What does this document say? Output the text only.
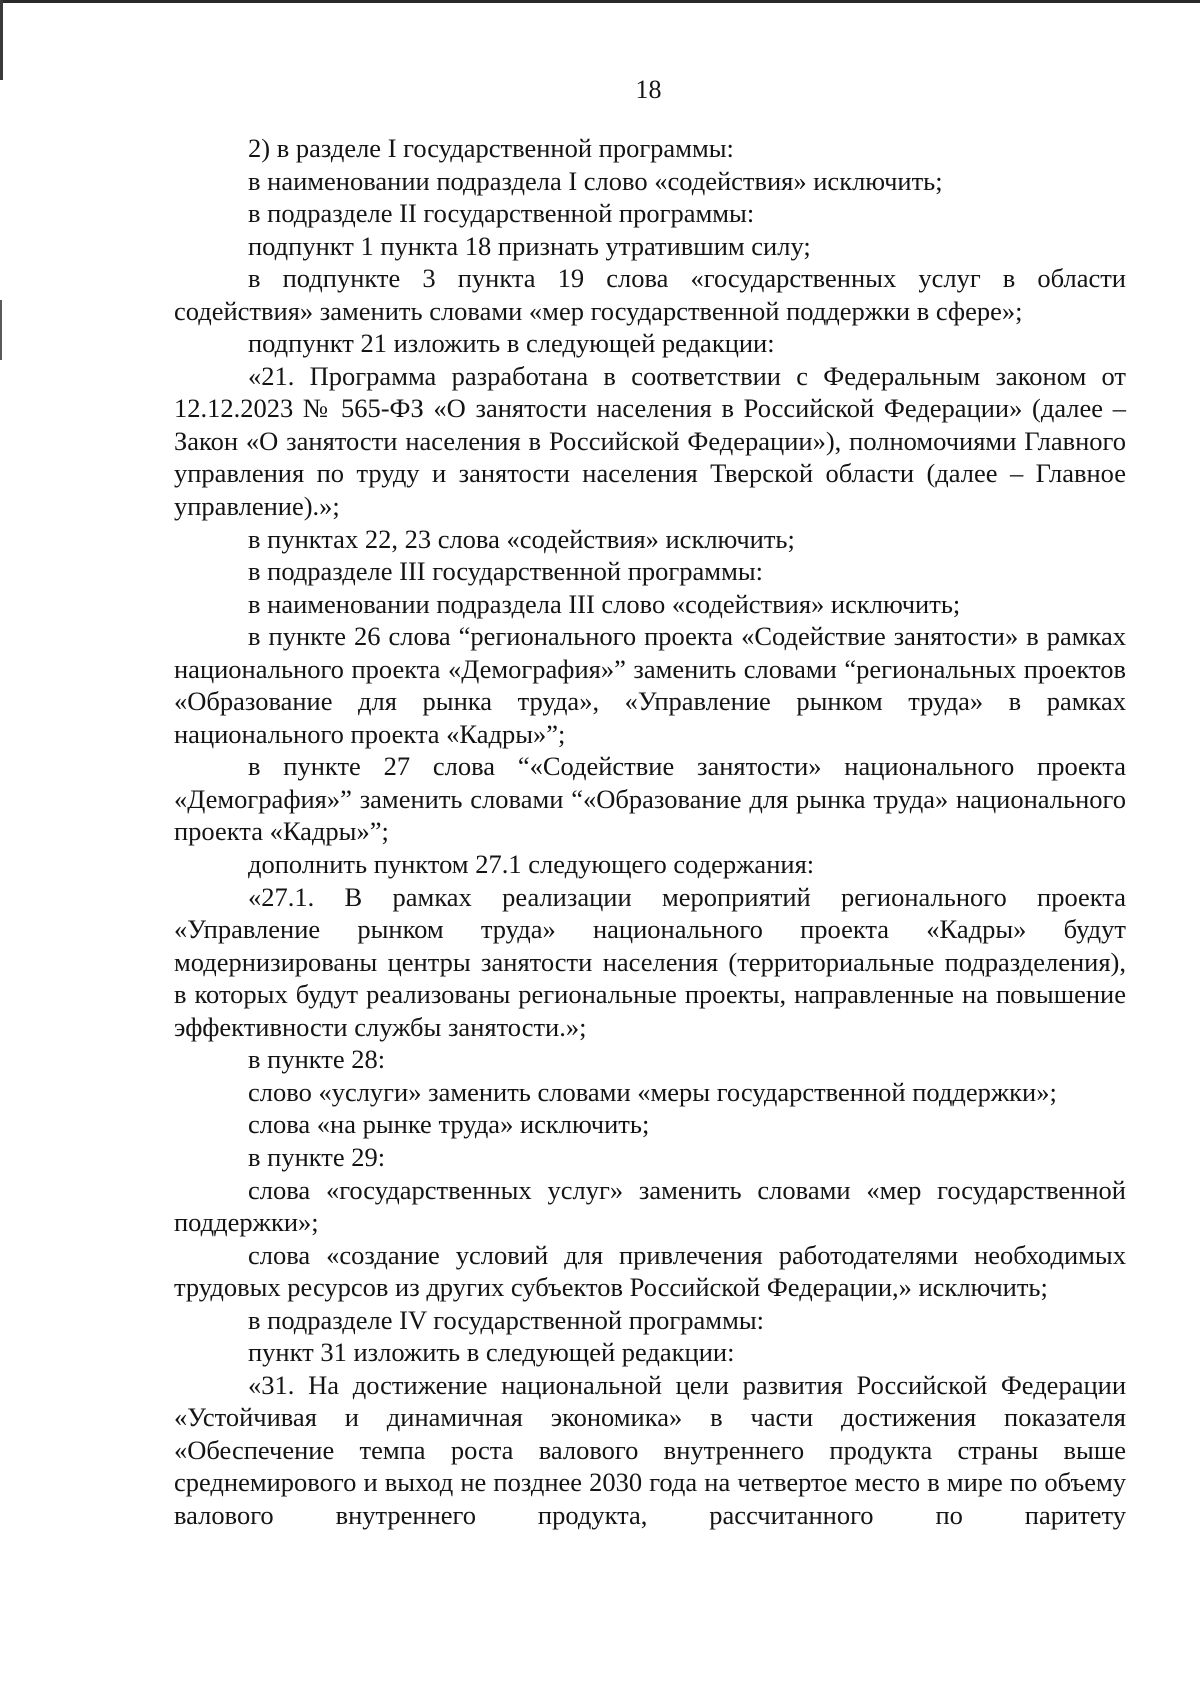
18

2) в разделе I государственной программы:

в наименовании подраздела I слово «содействия» исключить;

в подразделе II государственной программы:

подпункт 1 пункта 18 признать утратившим силу;

в подпункте 3 пункта 19 слова «государственных услуг в области содействия» заменить словами «мер государственной поддержки в сфере»;

подпункт 21 изложить в следующей редакции:

«21. Программа разработана в соответствии с Федеральным законом от 12.12.2023 № 565-ФЗ «О занятости населения в Российской Федерации» (далее – Закон «О занятости населения в Российской Федерации»), полномочиями Главного управления по труду и занятости населения Тверской области (далее – Главное управление).»;

в пунктах 22, 23 слова «содействия» исключить;

в подразделе III государственной программы:

в наименовании подраздела III слово «содействия» исключить;

в пункте 26 слова “регионального проекта «Содействие занятости» в рамках национального проекта «Демография»” заменить словами “региональных проектов «Образование для рынка труда», «Управление рынком труда» в рамках национального проекта «Кадры»”;

в пункте 27 слова “«Содействие занятости» национального проекта «Демография»” заменить словами “«Образование для рынка труда» национального проекта «Кадры»”;

дополнить пунктом 27.1 следующего содержания:

«27.1. В рамках реализации мероприятий регионального проекта «Управление рынком труда» национального проекта «Кадры» будут модернизированы центры занятости населения (территориальные подразделения), в которых будут реализованы региональные проекты, направленные на повышение эффективности службы занятости.»;

в пункте 28:

слово «услуги» заменить словами «меры государственной поддержки»;

слова «на рынке труда» исключить;

в пункте 29:

слова «государственных услуг» заменить словами «мер государственной поддержки»;

слова «создание условий для привлечения работодателями необходимых трудовых ресурсов из других субъектов Российской Федерации,» исключить;

в подразделе IV государственной программы:

пункт 31 изложить в следующей редакции:

«31. На достижение национальной цели развития Российской Федерации «Устойчивая и динамичная экономика» в части достижения показателя «Обеспечение темпа роста валового внутреннего продукта страны выше среднемирового и выход не позднее 2030 года на четвертое место в мире по объему валового внутреннего продукта, рассчитанного по паритету
